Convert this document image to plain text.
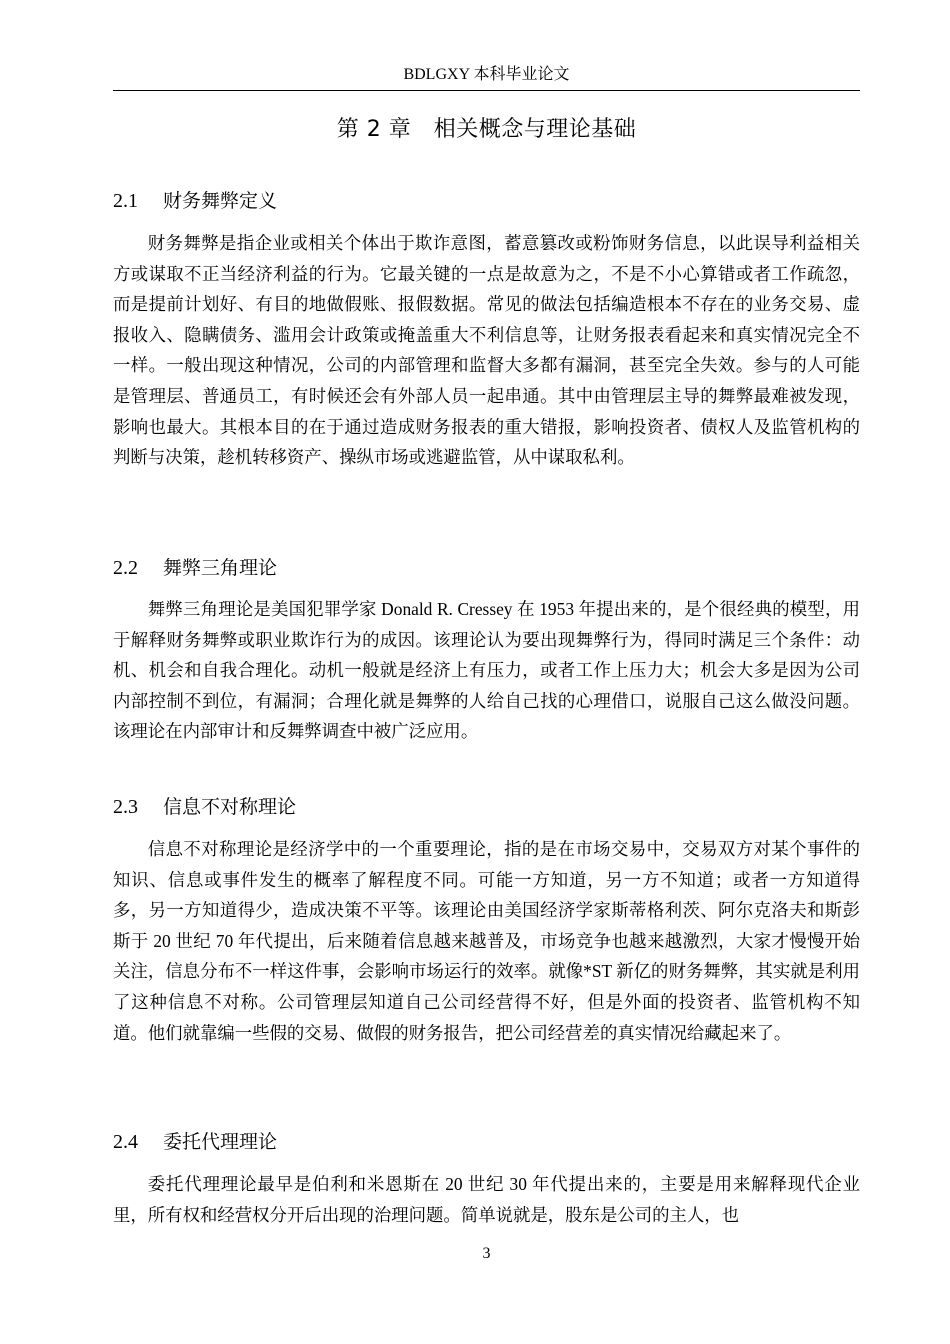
BDLGXY 本科毕业论文
第 2 章　相关概念与理论基础
2.1 财务舞弊定义

财务舞弊是指企业或相关个体出于欺诈意图，蓄意篡改或粉饰财务信息，以此误导利益相关方或谋取不正当经济利益的行为。它最关键的一点是故意为之，不是不小心算错或者工作疏忽，而是提前计划好、有目的地做假账、报假数据。常见的做法包括编造根本不存在的业务交易、虚报收入、隐瞒债务、滥用会计政策或掩盖重大不利信息等，让财务报表看起来和真实情况完全不一样。一般出现这种情况，公司的内部管理和监督大多都有漏洞，甚至完全失效。参与的人可能是管理层、普通员工，有时候还会有外部人员一起串通。其中由管理层主导的舞弊最难被发现，影响也最大。其根本目的在于通过造成财务报表的重大错报，影响投资者、债权人及监管机构的判断与决策，趁机转移资产、操纵市场或逃避监管，从中谋取私利。

2.2 舞弊三角理论

舞弊三角理论是美国犯罪学家 Donald R. Cressey 在 1953 年提出来的，是个很经典的模型，用于解释财务舞弊或职业欺诈行为的成因。该理论认为要出现舞弊行为，得同时满足三个条件：动机、机会和自我合理化。动机一般就是经济上有压力，或者工作上压力大；机会大多是因为公司内部控制不到位，有漏洞；合理化就是舞弊的人给自己找的心理借口，说服自己这么做没问题。该理论在内部审计和反舞弊调查中被广泛应用。

2.3 信息不对称理论

信息不对称理论是经济学中的一个重要理论，指的是在市场交易中，交易双方对某个事件的知识、信息或事件发生的概率了解程度不同。可能一方知道，另一方不知道；或者一方知道得多，另一方知道得少，造成决策不平等。该理论由美国经济学家斯蒂格利茨、阿尔克洛夫和斯彭斯于 20 世纪 70 年代提出，后来随着信息越来越普及，市场竞争也越来越激烈，大家才慢慢开始关注，信息分布不一样这件事，会影响市场运行的效率。就像*ST 新亿的财务舞弊，其实就是利用了这种信息不对称。公司管理层知道自己公司经营得不好，但是外面的投资者、监管机构不知道。他们就靠编一些假的交易、做假的财务报告，把公司经营差的真实情况给藏起来了。

2.4 委托代理理论

委托代理理论最早是伯利和米恩斯在 20 世纪 30 年代提出来的，主要是用来解释现代企业里，所有权和经营权分开后出现的治理问题。简单说就是，股东是公司的主人，也

3
